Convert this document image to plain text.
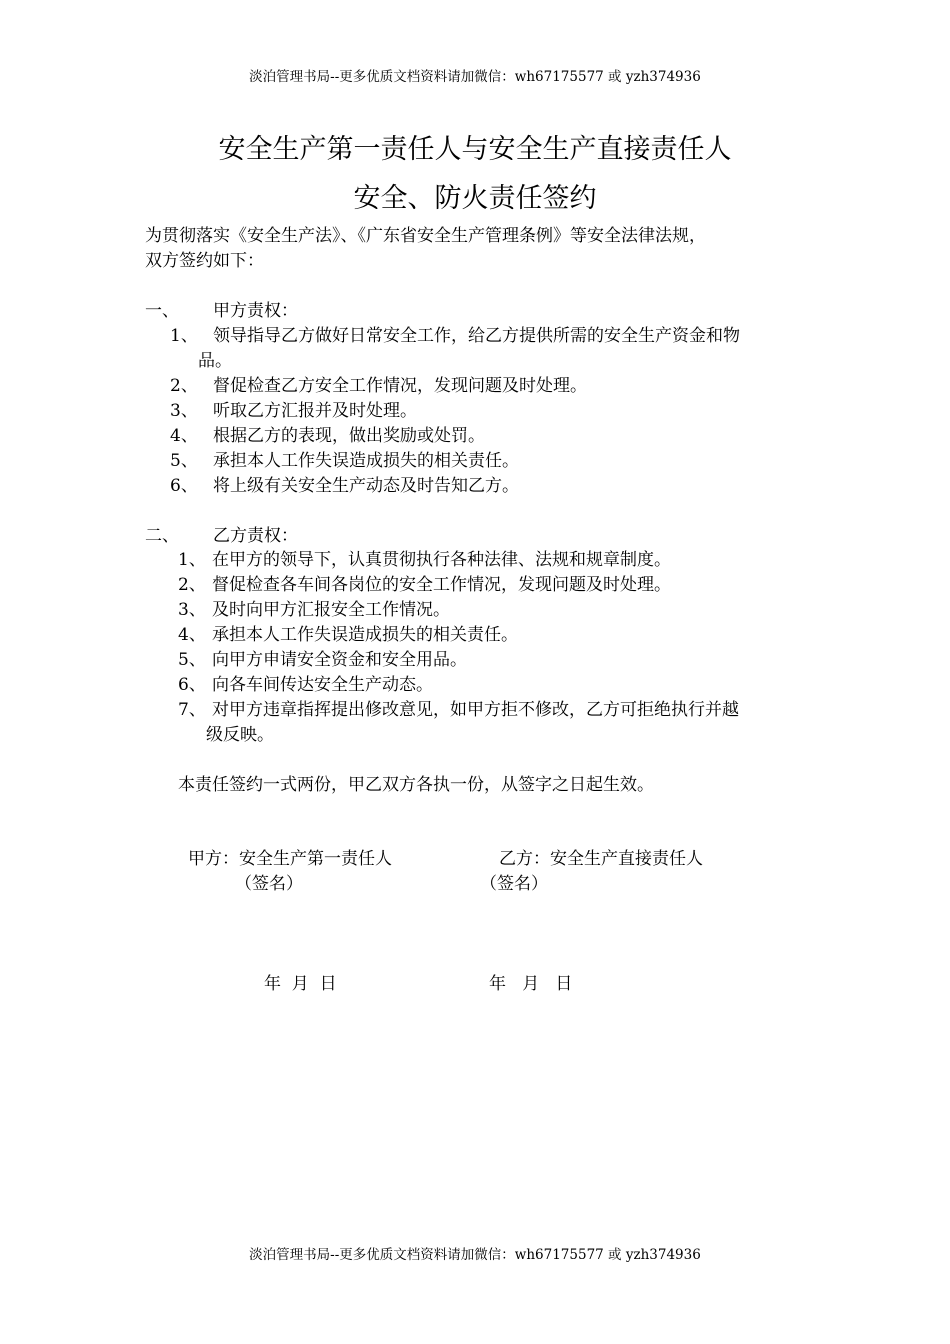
淡泊管理书局--更多优质文档资料请加微信：wh67175577 或 yzh374936
安全生产第一责任人与安全生产直接责任人
安全、防火责任签约
为贯彻落实《安全生产法》、《广东省安全生产管理条例》等安全法律法规，
双方签约如下：
一、 甲方责权：
1、 领导指导乙方做好日常安全工作，给乙方提供所需的安全生产资金和物
品。
2、 督促检查乙方安全工作情况，发现问题及时处理。
3、 听取乙方汇报并及时处理。
4、 根据乙方的表现，做出奖励或处罚。
5、 承担本人工作失误造成损失的相关责任。
6、 将上级有关安全生产动态及时告知乙方。
二、 乙方责权：
1、 在甲方的领导下，认真贯彻执行各种法律、法规和规章制度。
2、 督促检查各车间各岗位的安全工作情况，发现问题及时处理。
3、 及时向甲方汇报安全工作情况。
4、 承担本人工作失误造成损失的相关责任。
5、 向甲方申请安全资金和安全用品。
6、 向各车间传达安全生产动态。
7、 对甲方违章指挥提出修改意见，如甲方拒不修改，乙方可拒绝执行并越
级反映。
本责任签约一式两份，甲乙双方各执一份，从签字之日起生效。
甲方：安全生产第一责任人
（签名）
乙方：安全生产直接责任人
（签名）
年  月  日	年   月   日
淡泊管理书局--更多优质文档资料请加微信：wh67175577 或 yzh374936
